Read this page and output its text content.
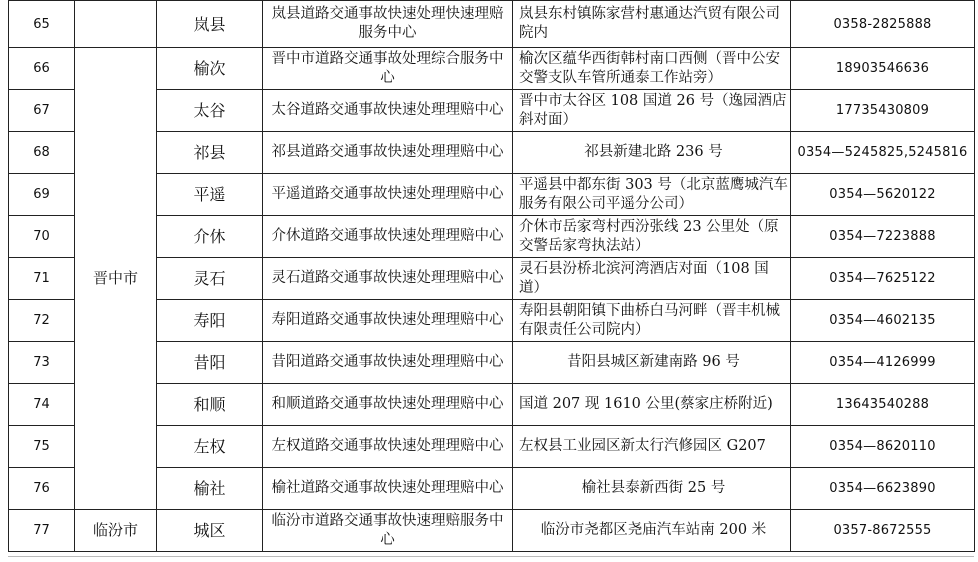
65		岚县	岚县道路交通事故快速处理快速理赔服务中心	岚县东村镇陈家营村惠通达汽贸有限公司院内	0358-2825888
66	晋中市	榆次	晋中市道路交通事故处理综合服务中心	榆次区蕴华西街韩村南口西侧（晋中公安交警支队车管所通泰工作站旁）	18903546636
67		太谷	太谷道路交通事故快速处理理赔中心	晋中市太谷区 108 国道 26 号（逸园酒店斜对面）	17735430809
68		祁县	祁县道路交通事故快速处理理赔中心	祁县新建北路 236 号	0354—5245825,5245816
69		平遥	平遥道路交通事故快速处理理赔中心	平遥县中都东街 303 号（北京蓝鹰城汽车服务有限公司平遥分公司）	0354—5620122
70		介休	介休道路交通事故快速处理理赔中心	介休市岳家弯村西汾张线 23 公里处（原交警岳家弯执法站）	0354—7223888
71		灵石	灵石道路交通事故快速处理理赔中心	灵石县汾桥北滨河湾酒店对面（108 国道）	0354—7625122
72		寿阳	寿阳道路交通事故快速处理理赔中心	寿阳县朝阳镇下曲桥白马河畔（晋丰机械有限责任公司院内）	0354—4602135
73		昔阳	昔阳道路交通事故快速处理理赔中心	昔阳县城区新建南路 96 号	0354—4126999
74		和顺	和顺道路交通事故快速处理理赔中心	国道 207 现 1610 公里(蔡家庄桥附近)	13643540288
75		左权	左权道路交通事故快速处理理赔中心	左权县工业园区新太行汽修园区 G207	0354—8620110
76		榆社	榆社道路交通事故快速处理理赔中心	榆社县泰新西街 25 号	0354—6623890
77	临汾市	城区	临汾市道路交通事故快速理赔服务中心	临汾市尧都区尧庙汽车站南 200 米	0357-8672555
